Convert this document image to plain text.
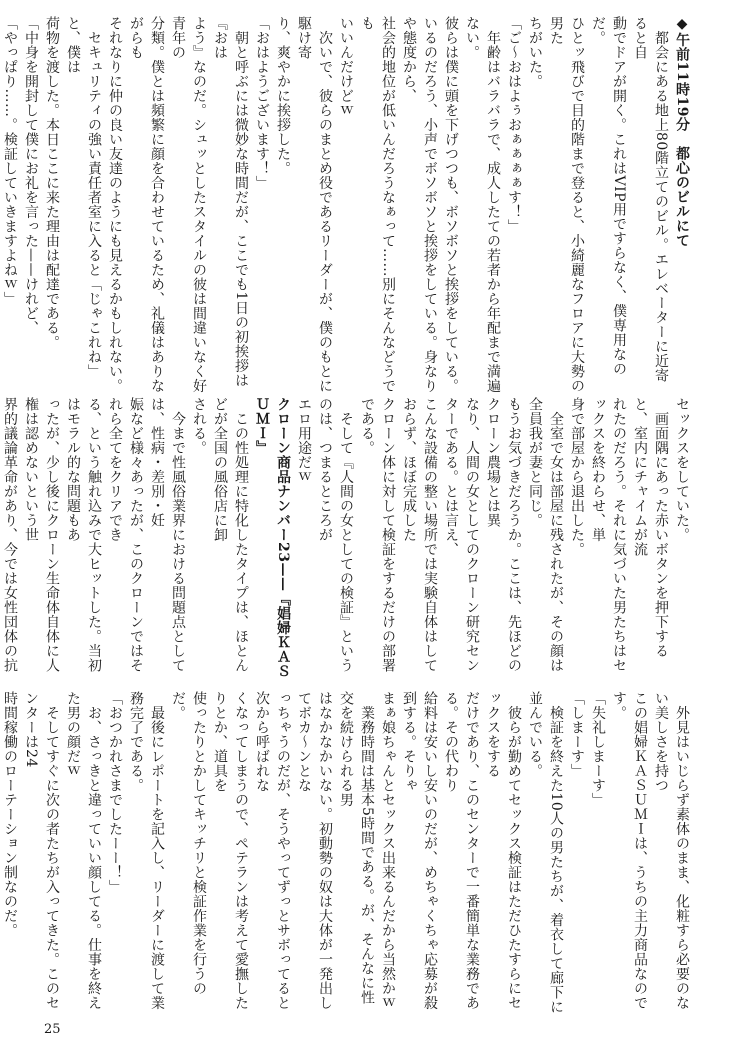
◆午前11時19分　都心のビルにて
　都会にある地上80階立てのビル。エレベーターに近寄ると自
動でドアが開く。これはVIP用ですらなく、僕専用なのだ。
ひとッ飛びで目的階まで登ると、小綺麗なフロアに大勢の男た
ちがいた。
「ご〜おはよぅおぁぁぁぁす！」
　年齢はバラバラで、成人したての若者から年配まで満遍ない。
彼らは僕に頭を下げつつも、ボソボソと挨拶をしている。
いるのだろう、小声でボソボソと挨拶をしている。身なりや態度から、
社会的地位が低いんだろうなぁって……別にそんなどうでも
いいんだけどｗ
　次いで、彼らのまとめ役であるリーダーが、僕のもとに駆け寄
り、爽やかに挨拶した。
「おはようございます！」
　朝と呼ぶには微妙な時間だが、ここでも1日の初挨拶は『おは
よう』なのだ。シュッとしたスタイルの彼は間違いなく好青年の
分類。僕とは頻繁に顔を合わせているため、礼儀はありながらも
それなりに仲の良い友達のようにも見えるかもしれない。
　セキュリティの強い責任者室に入ると「じゃこれね」と、僕は
荷物を渡した。本日ここに来た理由は配達である。
「中身を開封して僕にお礼を言った——けれど、
「やっぱり……。検証していきますよねｗ」
セックスをしていた。
　画面隅にあった赤いボタンを押下すると、室内にチャイムが流
れたのだろう。それに気づいた男たちはセックスを終わらせ、単
身で部屋から退出した。
　全室で女は部屋に残されたが、その顔は全員我が妻と同じ。
もうお気づきだろうか。ここは、先ほどのクローン農場とは異
なり、人間の女としてのクローン研究センターである。とは言え、
こんな設備の整い場所では実験自体はしておらず、ほぼ完成した
クローン体に対して検証をするだけの部署である。
　そして『人間の女としての検証』というのは、つまるところが
エロ用途だｗ
クローン商品ナンバー23——『娼婦ＫＡＳＵＭＩ』
　この性処理に特化したタイプは、ほとんどが全国の風俗店に卸
される。
　今まで性風俗業界における問題点としては、性病・差別・妊
娠など様々あったが、このクローンではそれら全てをクリアでき
る、という触れ込みで大ヒットした。当初はモラル的な問題もあ
ったが、少し後にクローン生命体自体に人権は認めないという世
界的議論革命があり、今では女性団体の抗
　外見はいじらず素体のまま、化粧すら必要のない美しさを持つ
この娼婦ＫＡＳＵＭＩは、うちの主力商品なのです。
「失礼しまーす」
「しまーす」
　検証を終えた10人の男たちが、着衣して廊下に並んでいる。
　彼らが勤めてセックス検証はただひたすらにセックスをする
だけであり、このセンターで一番簡単な業務である。その代わり
給料は安いし安いのだが、めちゃくちゃ応募が殺到する。そりゃ
まぁ娘ちゃんとセックス出来るんだから当然かｗ
　業務時間は基本5時間である。が、そんなに性交を続けられる男
はなかなかいない。初動勢の奴は大体が一発出してボカ〜ンとな
っちゃうのだが、そうやってずっとサボってると次から呼ばれな
くなってしまうので、ペテランは考えて愛撫したりとか、道具を
使ったりとかしてキッチリと検証作業を行うのだ。
　最後にレポートを記入し、リーダーに渡して業務完了である。
「おつかれさまでしたーー！」
　お、さっきと違っていい顔してる。仕事を終えた男の顔だｗ
　そしてすぐに次の者たちが入ってきた。このセンターは24
時間稼働のローテーション制なのだ。
25
